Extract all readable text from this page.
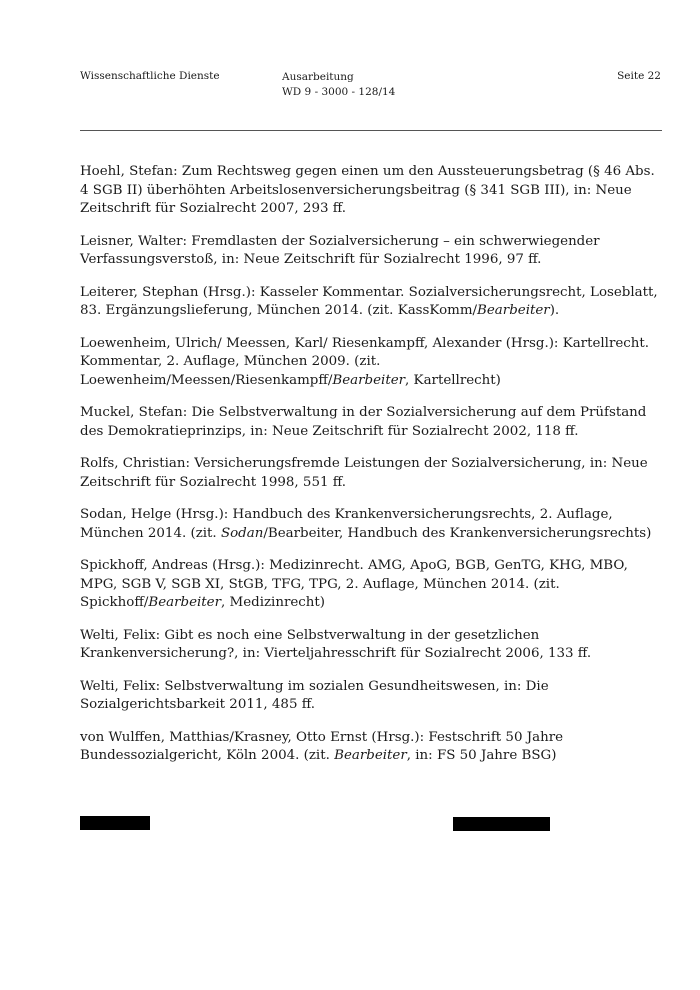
Wissenschaftliche Dienste	Ausarbeitung
WD 9 - 3000 - 128/14
Seite 22

Hoehl, Stefan: Zum Rechtsweg gegen einen um den Aussteuerungsbetrag (§ 46 Abs. 4 SGB II) überhöhten Arbeitslosenversicherungsbeitrag (§ 341 SGB III), in: Neue Zeitschrift für Sozialrecht 2007, 293 ff.

Leisner, Walter: Fremdlasten der Sozialversicherung – ein schwerwiegender Verfassungsverstoß, in: Neue Zeitschrift für Sozialrecht 1996, 97 ff.

Leiterer, Stephan (Hrsg.): Kasseler Kommentar. Sozialversicherungsrecht, Loseblatt, 83. Ergänzungslieferung, München 2014. (zit. KassKomm/Bearbeiter).

Loewenheim, Ulrich/ Meessen, Karl/ Riesenkampff, Alexander (Hrsg.): Kartellrecht. Kommentar, 2. Auflage, München 2009. (zit. Loewenheim/Meessen/Riesenkampff/Bearbeiter, Kartellrecht)

Muckel, Stefan: Die Selbstverwaltung in der Sozialversicherung auf dem Prüfstand des Demokratieprinzips, in: Neue Zeitschrift für Sozialrecht 2002, 118 ff.

Rolfs, Christian: Versicherungsfremde Leistungen der Sozialversicherung, in: Neue Zeitschrift für Sozialrecht 1998, 551 ff.

Sodan, Helge (Hrsg.): Handbuch des Krankenversicherungsrechts, 2. Auflage, München 2014. (zit. Sodan/Bearbeiter, Handbuch des Krankenversicherungsrechts)

Spickhoff, Andreas (Hrsg.): Medizinrecht. AMG, ApoG, BGB, GenTG, KHG, MBO, MPG, SGB V, SGB XI, StGB, TFG, TPG, 2. Auflage, München 2014. (zit. Spickhoff/Bearbeiter, Medizinrecht)

Welti, Felix: Gibt es noch eine Selbstverwaltung in der gesetzlichen Krankenversicherung?, in: Vierteljahresschrift für Sozialrecht 2006, 133 ff.

Welti, Felix: Selbstverwaltung im sozialen Gesundheitswesen, in: Die Sozialgerichtsbarkeit 2011, 485 ff.

von Wulffen, Matthias/Krasney, Otto Ernst (Hrsg.): Festschrift 50 Jahre Bundessozialgericht, Köln 2004. (zit. Bearbeiter, in: FS 50 Jahre BSG)
